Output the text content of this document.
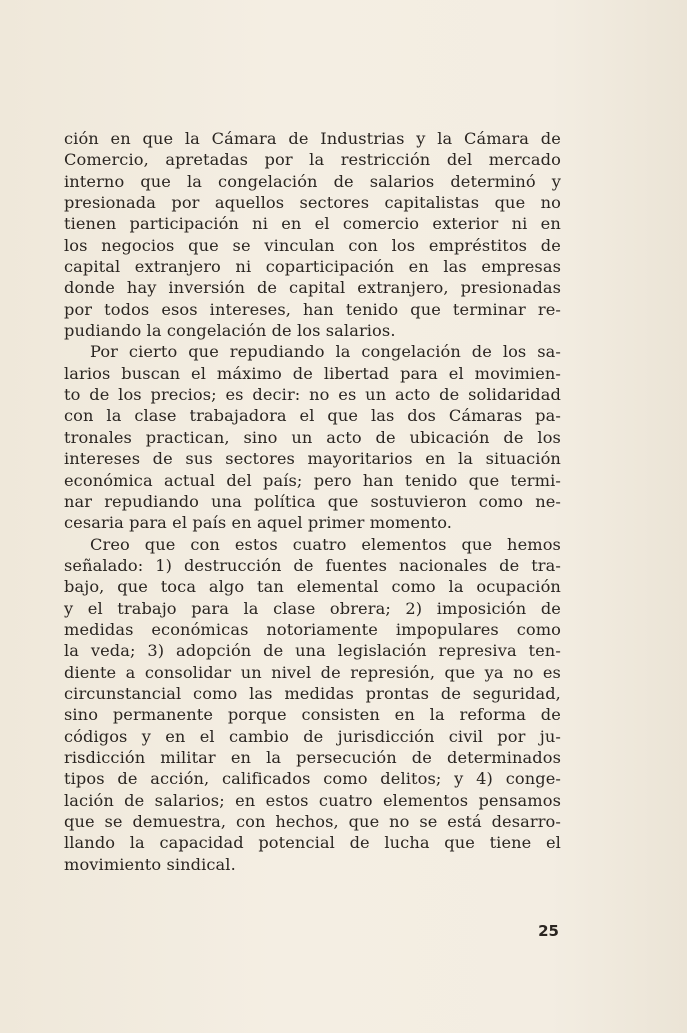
ción en que la Cámara de Industrias y la Cámara de
Comercio, apretadas por la restricción del mercado
interno que la congelación de salarios determinó y
presionada por aquellos sectores capitalistas que no
tienen participación ni en el comercio exterior ni en
los negocios que se vinculan con los empréstitos de
capital extranjero ni coparticipación en las empresas
donde hay inversión de capital extranjero, presionadas
por todos esos intereses, han tenido que terminar re-
pudiando la congelación de los salarios.
Por cierto que repudiando la congelación de los sa-
larios buscan el máximo de libertad para el movimien-
to de los precios; es decir: no es un acto de solidaridad
con la clase trabajadora el que las dos Cámaras pa-
tronales practican, sino un acto de ubicación de los
intereses de sus sectores mayoritarios en la situación
económica actual del país; pero han tenido que termi-
nar repudiando una política que sostuvieron como ne-
cesaria para el país en aquel primer momento.
Creo que con estos cuatro elementos que hemos
señalado: 1) destrucción de fuentes nacionales de tra-
bajo, que toca algo tan elemental como la ocupación
y el trabajo para la clase obrera; 2) imposición de
medidas económicas notoriamente impopulares como
la veda; 3) adopción de una legislación represiva ten-
diente a consolidar un nivel de represión, que ya no es
circunstancial como las medidas prontas de seguridad,
sino permanente porque consisten en la reforma de
códigos y en el cambio de jurisdicción civil por ju-
risdicción militar en la persecución de determinados
tipos de acción, calificados como delitos; y 4) conge-
lación de salarios; en estos cuatro elementos pensamos
que se demuestra, con hechos, que no se está desarro-
llando la capacidad potencial de lucha que tiene el
movimiento sindical.
25
